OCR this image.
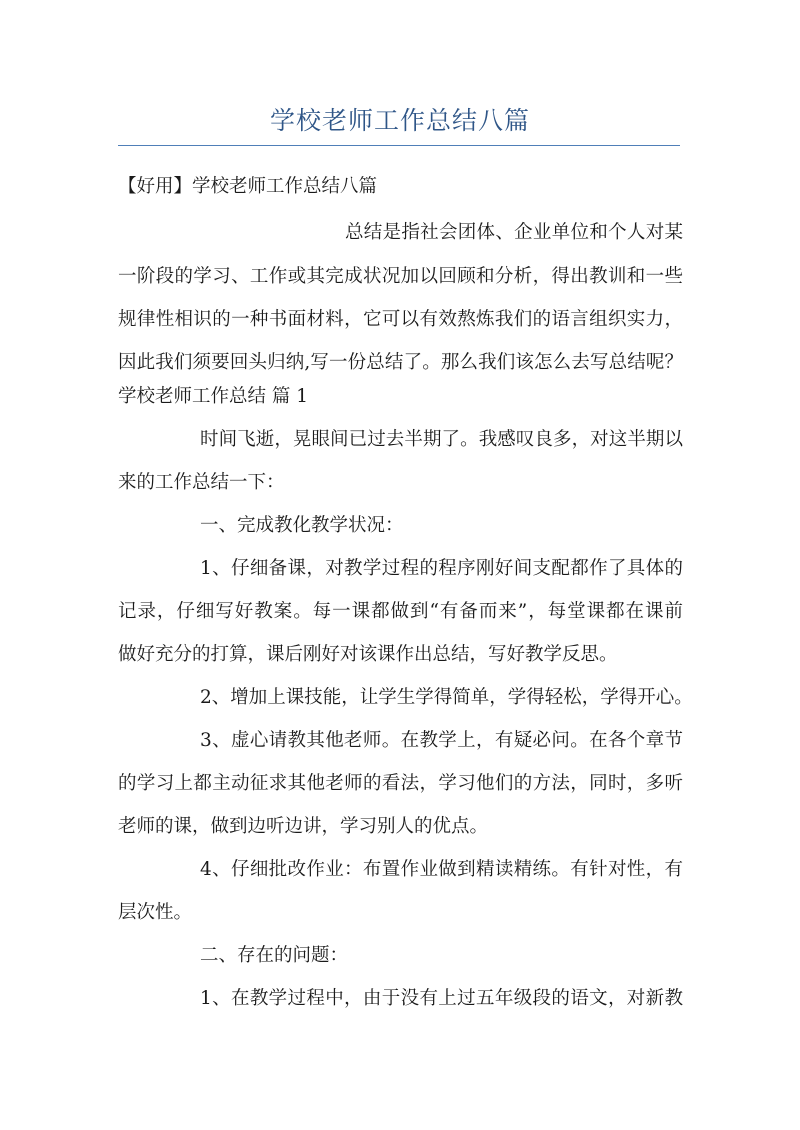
学校老师工作总结八篇
【好用】学校老师工作总结八篇
总结是指社会团体、企业单位和个人对某
一阶段的学习、工作或其完成状况加以回顾和分析，得出教训和一些
规律性相识的一种书面材料，它可以有效熬炼我们的语言组织实力，
因此我们须要回头归纳,写一份总结了。那么我们该怎么去写总结呢？
学校老师工作总结 篇 1
时间飞逝，晃眼间已过去半期了。我感叹良多，对这半期以
来的工作总结一下：
一、完成教化教学状况：
1、仔细备课，对教学过程的程序刚好间支配都作了具体的
记录，仔细写好教案。每一课都做到“有备而来”，每堂课都在课前
做好充分的打算，课后刚好对该课作出总结，写好教学反思。
2、增加上课技能，让学生学得简单，学得轻松，学得开心。
3、虚心请教其他老师。在教学上，有疑必问。在各个章节
的学习上都主动征求其他老师的看法，学习他们的方法，同时，多听
老师的课，做到边听边讲，学习别人的优点。
4、仔细批改作业：布置作业做到精读精练。有针对性，有
层次性。
二、存在的问题：
1、在教学过程中，由于没有上过五年级段的语文，对新教
